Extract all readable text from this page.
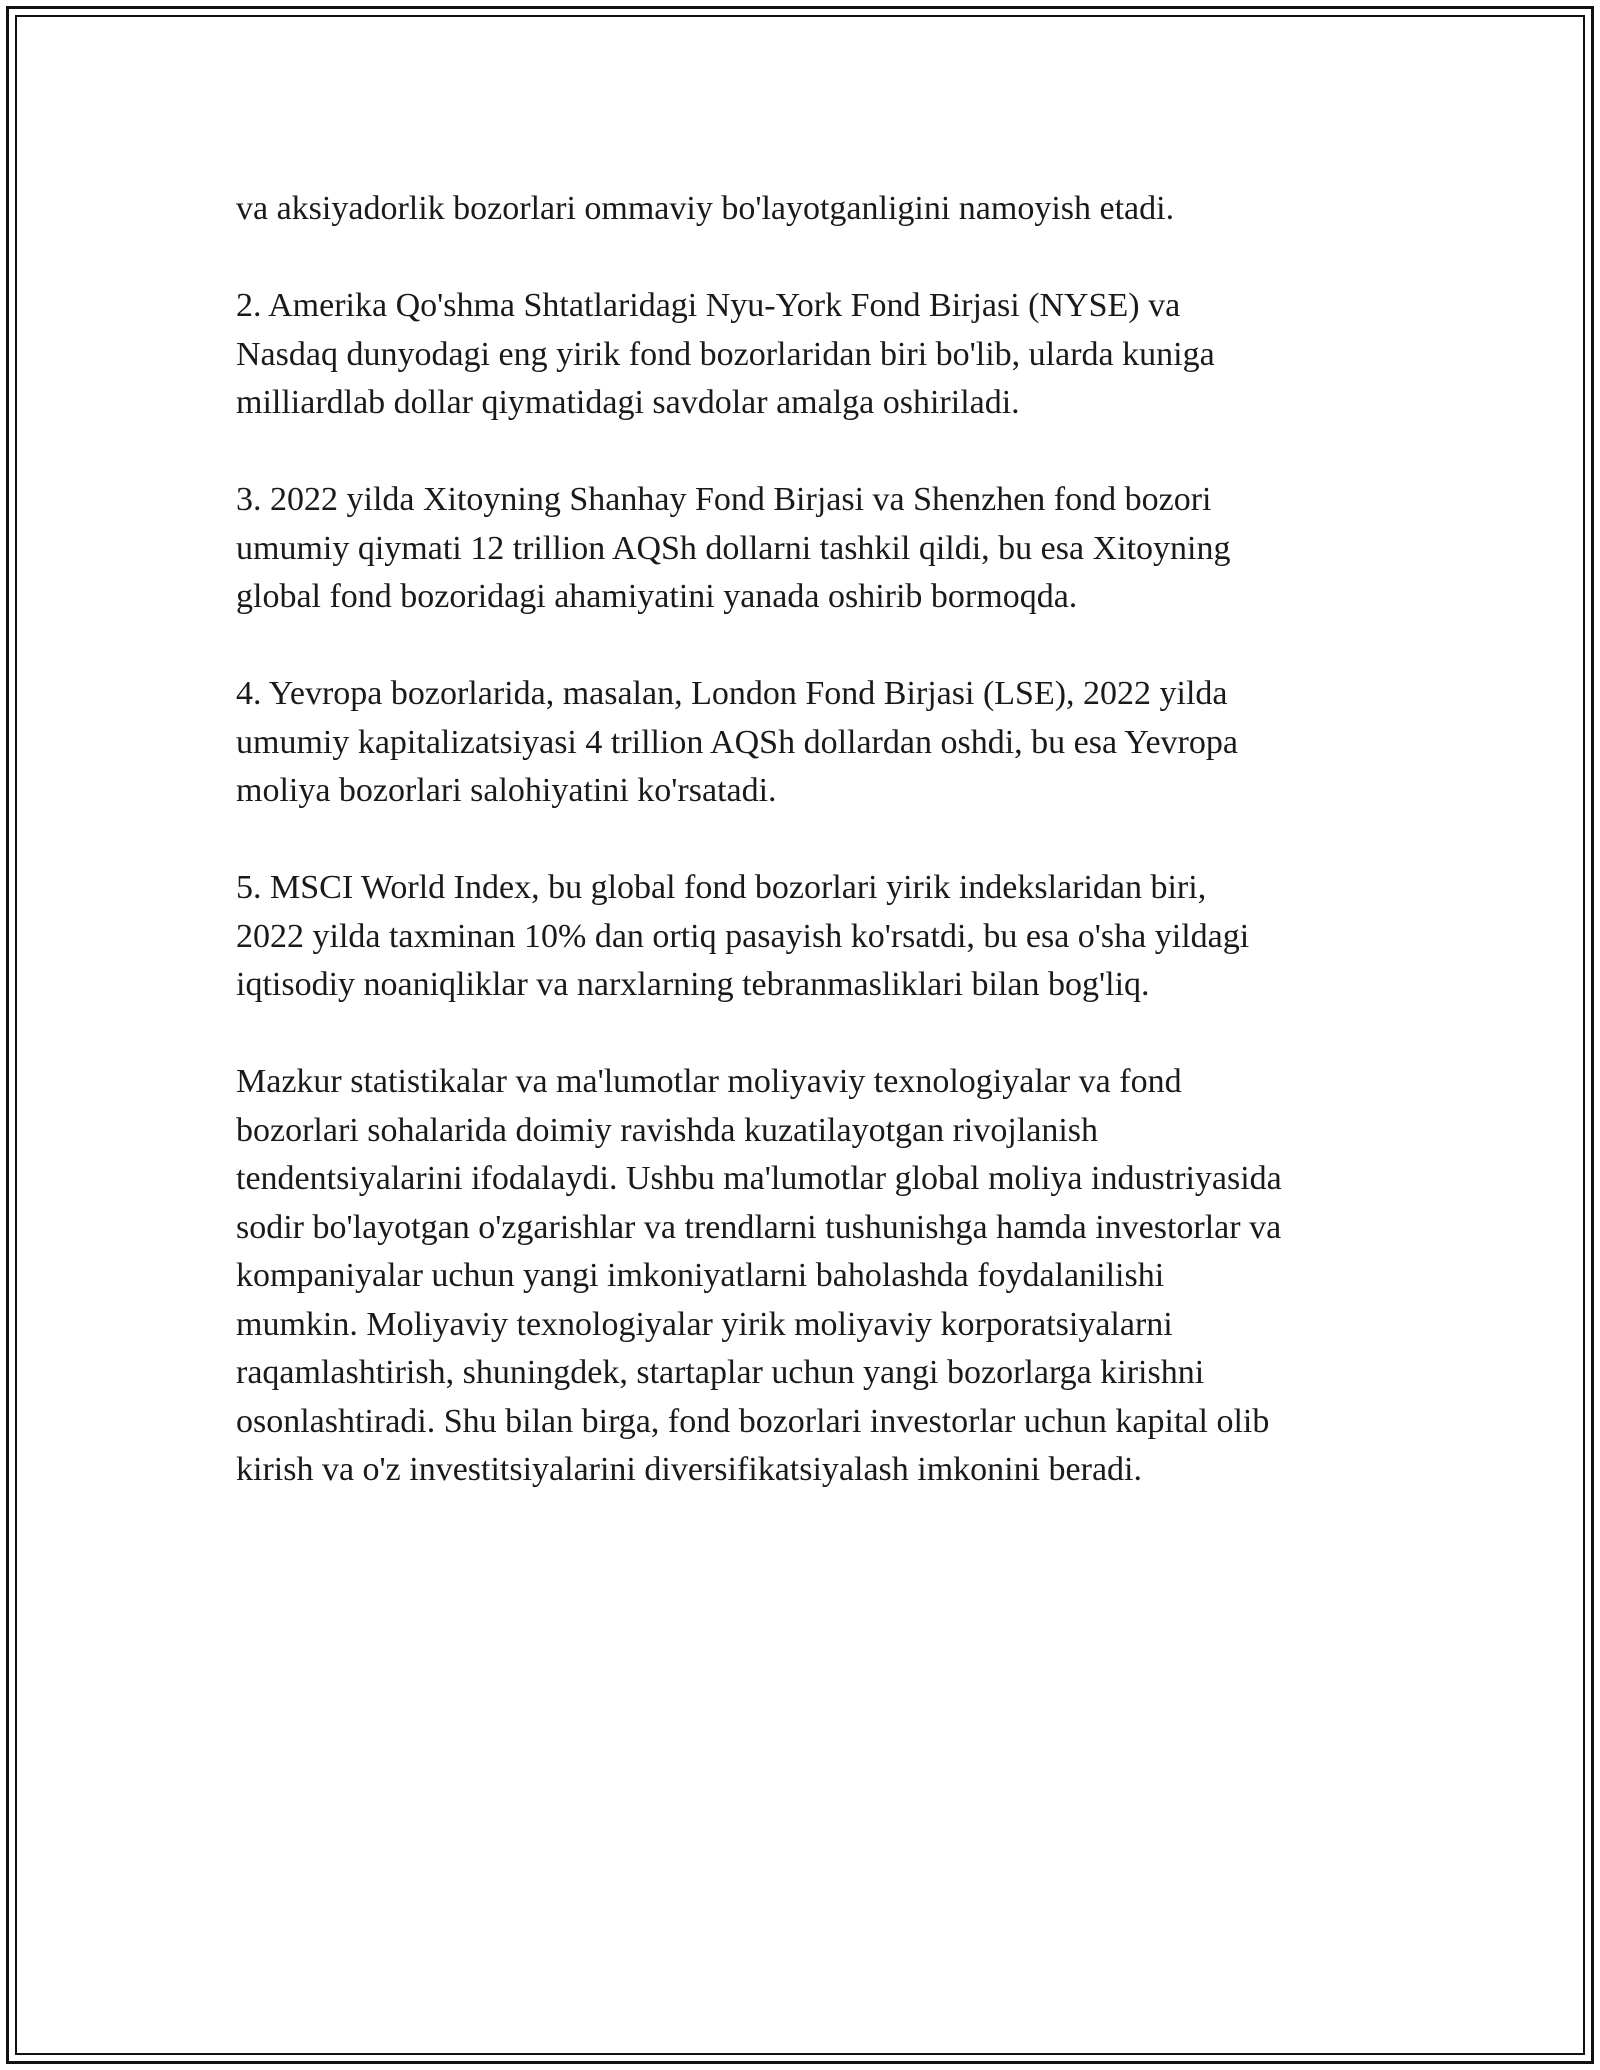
va aksiyadorlik bozorlari ommaviy bo'layotganligini namoyish etadi.

2. Amerika Qo'shma Shtatlaridagi Nyu-York Fond Birjasi (NYSE) va
Nasdaq dunyodagi eng yirik fond bozorlaridan biri bo'lib, ularda kuniga
milliardlab dollar qiymatidagi savdolar amalga oshiriladi.

3. 2022 yilda Xitoyning Shanhay Fond Birjasi va Shenzhen fond bozori
umumiy qiymati 12 trillion AQSh dollarni tashkil qildi, bu esa Xitoyning
global fond bozoridagi ahamiyatini yanada oshirib bormoqda.

4. Yevropa bozorlarida, masalan, London Fond Birjasi (LSE), 2022 yilda
umumiy kapitalizatsiyasi 4 trillion AQSh dollardan oshdi, bu esa Yevropa
moliya bozorlari salohiyatini ko'rsatadi.

5. MSCI World Index, bu global fond bozorlari yirik indekslaridan biri,
2022 yilda taxminan 10% dan ortiq pasayish ko'rsatdi, bu esa o'sha yildagi
iqtisodiy noaniqliklar va narxlarning tebranmasliklari bilan bog'liq.

Mazkur statistikalar va ma'lumotlar moliyaviy texnologiyalar va fond
bozorlari sohalarida doimiy ravishda kuzatilayotgan rivojlanish
tendentsiyalarini ifodalaydi. Ushbu ma'lumotlar global moliya industriyasida
sodir bo'layotgan o'zgarishlar va trendlarni tushunishga hamda investorlar va
kompaniyalar uchun yangi imkoniyatlarni baholashda foydalanilishi
mumkin. Moliyaviy texnologiyalar yirik moliyaviy korporatsiyalarni
raqamlashtirish, shuningdek, startaplar uchun yangi bozorlarga kirishni
osonlashtiradi. Shu bilan birga, fond bozorlari investorlar uchun kapital olib
kirish va o'z investitsiyalarini diversifikatsiyalash imkonini beradi.
